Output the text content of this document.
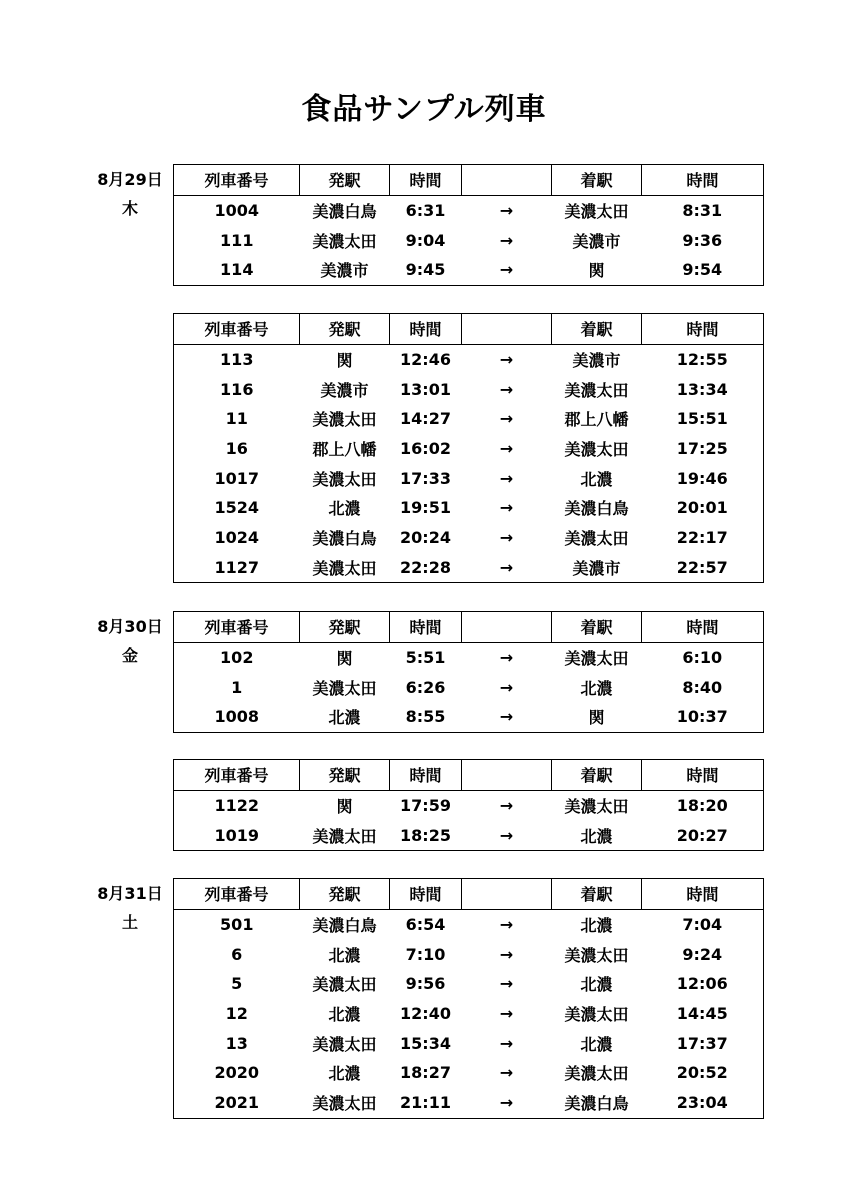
食品サンプル列車
8月29日
木
列車番号	発駅	時間		着駅	時間
1004	美濃白鳥	6:31	→	美濃太田	8:31
111	美濃太田	9:04	→	美濃市	9:36
114	美濃市	9:45	→	関	9:54
列車番号	発駅	時間		着駅	時間
113	関	12:46	→	美濃市	12:55
116	美濃市	13:01	→	美濃太田	13:34
11	美濃太田	14:27	→	郡上八幡	15:51
16	郡上八幡	16:02	→	美濃太田	17:25
1017	美濃太田	17:33	→	北濃	19:46
1524	北濃	19:51	→	美濃白鳥	20:01
1024	美濃白鳥	20:24	→	美濃太田	22:17
1127	美濃太田	22:28	→	美濃市	22:57
8月30日
金
列車番号	発駅	時間		着駅	時間
102	関	5:51	→	美濃太田	6:10
1	美濃太田	6:26	→	北濃	8:40
1008	北濃	8:55	→	関	10:37
列車番号	発駅	時間		着駅	時間
1122	関	17:59	→	美濃太田	18:20
1019	美濃太田	18:25	→	北濃	20:27
8月31日
土
列車番号	発駅	時間		着駅	時間
501	美濃白鳥	6:54	→	北濃	7:04
6	北濃	7:10	→	美濃太田	9:24
5	美濃太田	9:56	→	北濃	12:06
12	北濃	12:40	→	美濃太田	14:45
13	美濃太田	15:34	→	北濃	17:37
2020	北濃	18:27	→	美濃太田	20:52
2021	美濃太田	21:11	→	美濃白鳥	23:04
